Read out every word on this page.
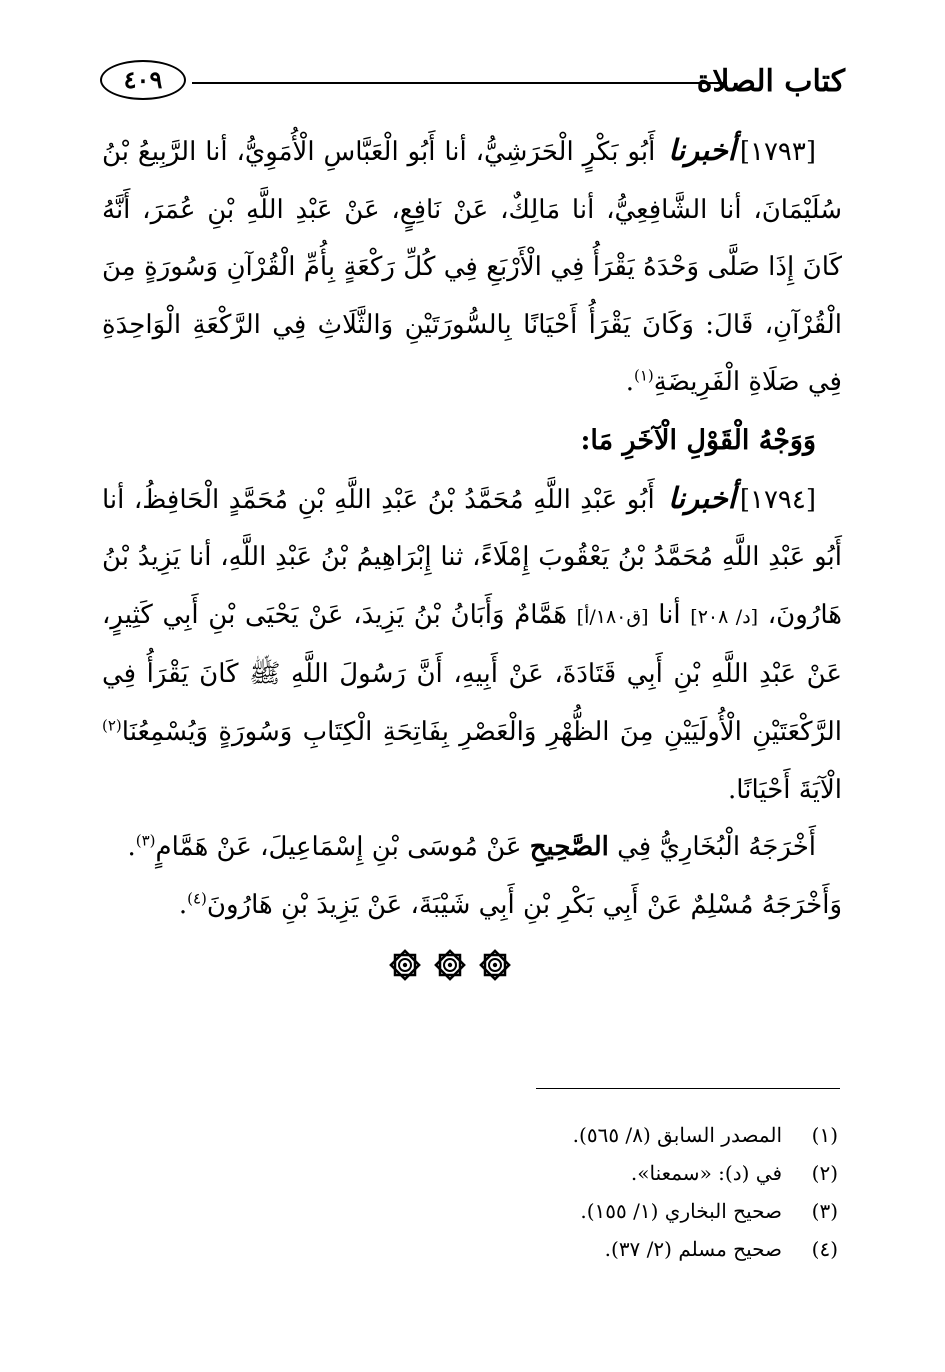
كتاب الصلاة
٤٠٩

[١٧٩٣]أخبرنا أَبُو بَكْرٍ الْحَرَشِيُّ، أنا أَبُو الْعَبَّاسِ الْأُمَوِيُّ، أنا الرَّبِيعُ بْنُ سُلَيْمَانَ، أنا الشَّافِعِيُّ، أنا مَالِكٌ، عَنْ نَافِعٍ، عَنْ عَبْدِ اللَّهِ بْنِ عُمَرَ، أَنَّهُ كَانَ إِذَا صَلَّى وَحْدَهُ يَقْرَأُ فِي الْأَرْبَعِ فِي كُلِّ رَكْعَةٍ بِأُمِّ الْقُرْآنِ وَسُورَةٍ مِنَ الْقُرْآنِ، قَالَ: وَكَانَ يَقْرَأُ أَحْيَانًا بِالسُّورَتَيْنِ وَالثَّلَاثِ فِي الرَّكْعَةِ الْوَاحِدَةِ فِي صَلَاةِ الْفَرِيضَةِ$^{(١)}$.

وَوَجْهُ الْقَوْلِ الْآخَرِ مَا:

[١٧٩٤]أخبرنا أَبُو عَبْدِ اللَّهِ مُحَمَّدُ بْنُ عَبْدِ اللَّهِ بْنِ مُحَمَّدٍ الْحَافِظُ، أنا أَبُو عَبْدِ اللَّهِ مُحَمَّدُ بْنُ يَعْقُوبَ إِمْلَاءً، ثنا إِبْرَاهِيمُ بْنُ عَبْدِ اللَّهِ، أنا يَزِيدُ بْنُ هَارُونَ، [د/ ٢٠٨] أنا [ق١٨٠/أ] هَمَّامٌ وَأَبَانُ بْنُ يَزِيدَ، عَنْ يَحْيَى بْنِ أَبِي كَثِيرٍ، عَنْ عَبْدِ اللَّهِ بْنِ أَبِي قَتَادَةَ، عَنْ أَبِيهِ، أَنَّ رَسُولَ اللَّهِ ﷺ كَانَ يَقْرَأُ فِي الرَّكْعَتَيْنِ الْأُولَيَيْنِ مِنَ الظُّهْرِ وَالْعَصْرِ بِفَاتِحَةِ الْكِتَابِ وَسُورَةٍ وَيُسْمِعُنَا$^{(٢)}$ الْآيَةَ أَحْيَانًا.

أَخْرَجَهُ الْبُخَارِيُّ فِي الصَّحِيحِ عَنْ مُوسَى بْنِ إِسْمَاعِيلَ، عَنْ هَمَّامٍ$^{(٣)}$.

وَأَخْرَجَهُ مُسْلِمٌ عَنْ أَبِي بَكْرِ بْنِ أَبِي شَيْبَةَ، عَنْ يَزِيدَ بْنِ هَارُونَ$^{(٤)}$.

(١)
المصدر السابق (٨/ ٥٦٥).
(٢)
في (د): «سمعنا».
(٣)
صحيح البخاري (١/ ١٥٥).
(٤)
صحيح مسلم (٢/ ٣٧).
